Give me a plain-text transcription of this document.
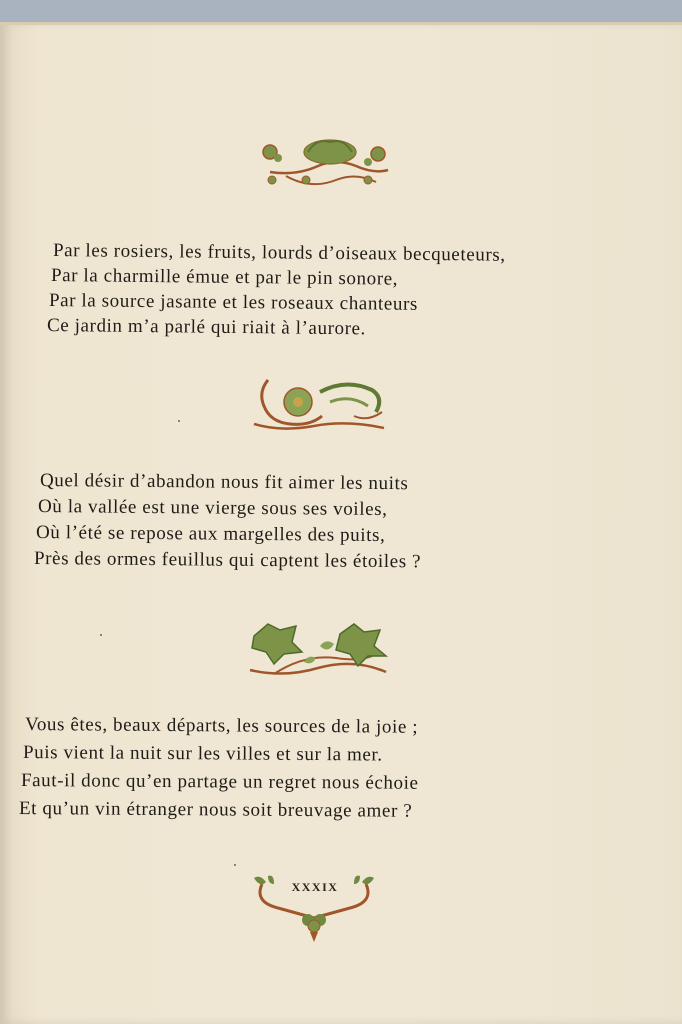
Par les rosiers, les fruits, lourds d’oiseaux becqueteurs,
Par la charmille émue et par le pin sonore,
Par la source jasante et les roseaux chanteurs
Ce jardin m’a parlé qui riait à l’aurore.
Quel désir d’abandon nous fit aimer les nuits
Où la vallée est une vierge sous ses voiles,
Où l’été se repose aux margelles des puits,
Près des ormes feuillus qui captent les étoiles ?
Vous êtes, beaux départs, les sources de la joie ;
Puis vient la nuit sur les villes et sur la mer.
Faut-il donc qu’en partage un regret nous échoie
Et qu’un vin étranger nous soit breuvage amer ?
XXXIX
